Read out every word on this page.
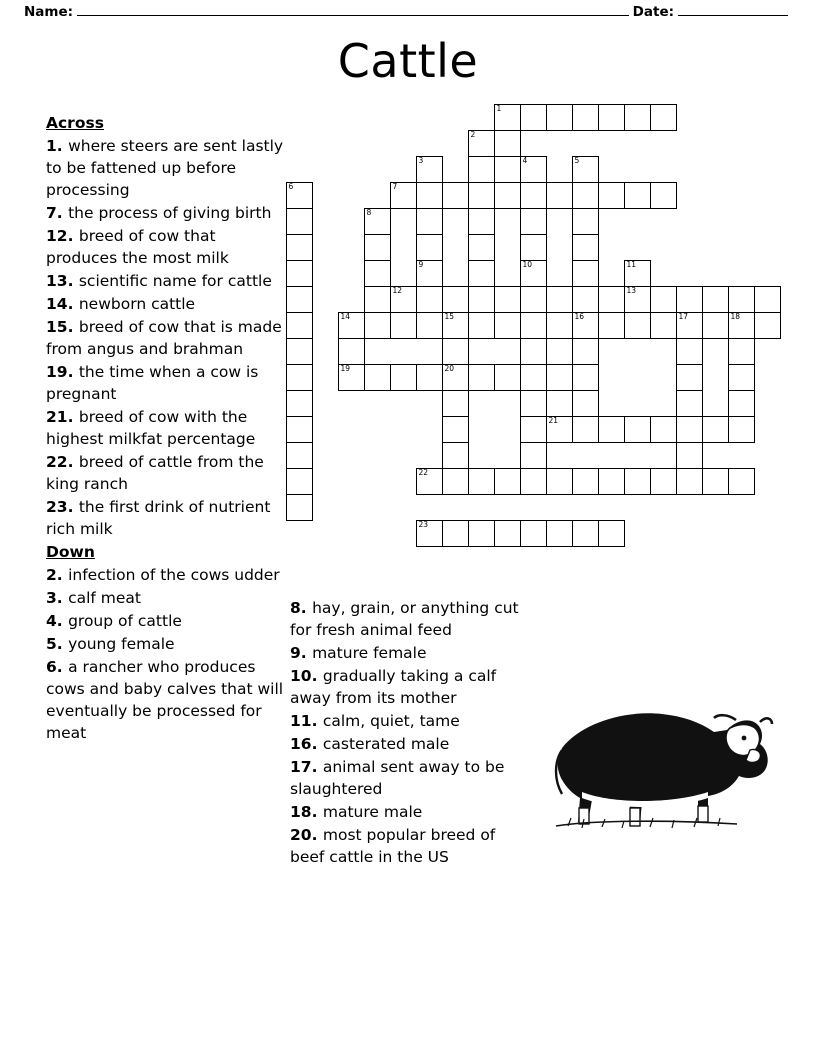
Name:	Date:
Cattle
Across
1. where steers are sent lastly to be fattened up before processing
7. the process of giving birth
12. breed of cow that produces the most milk
13. scientific name for cattle
14. newborn cattle
15. breed of cow that is made from angus and brahman
19. the time when a cow is pregnant
21. breed of cow with the highest milkfat percentage
22. breed of cattle from the king ranch
23. the first drink of nutrient rich milk
Down
2. infection of the cows udder
3. calf meat
4. group of cattle
5. young female
6. a rancher who produces cows and baby calves that will eventually be processed for meat
8. hay, grain, or anything cut for fresh animal feed
9. mature female
10. gradually taking a calf away from its mother
11. calm, quiet, tame
16. casterated male
17. animal sent away to be slaughtered
18. mature male
20. most popular breed of beef cattle in the US
1
2
3	4	5
6	7
8
9	10	11
12	13
14	15	16	17	18
19	20
21
22
23
